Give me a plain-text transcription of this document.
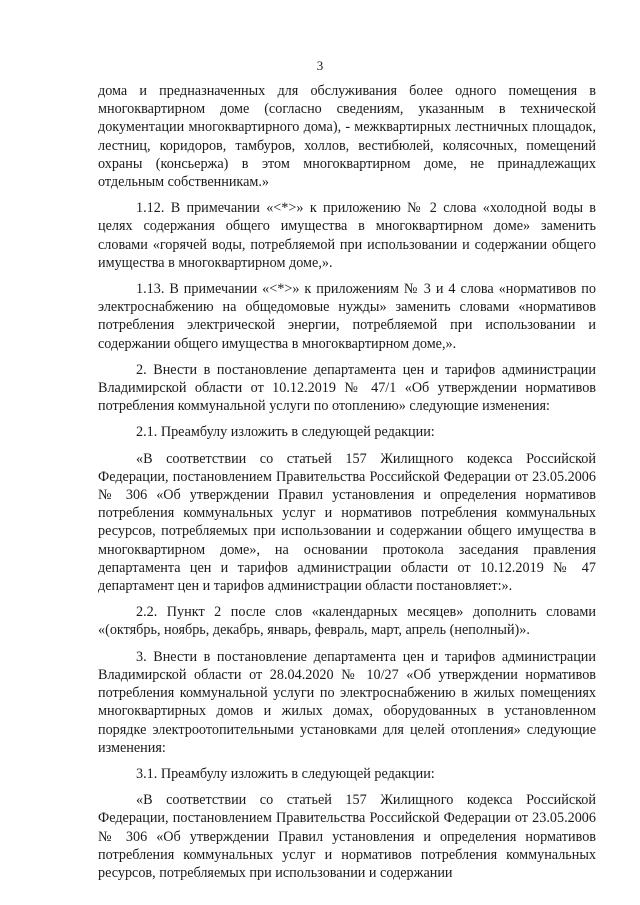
3

дома и предназначенных для обслуживания более одного помещения в многоквартирном доме (согласно сведениям, указанным в технической документации многоквартирного дома), - межквартирных лестничных площадок, лестниц, коридоров, тамбуров, холлов, вестибюлей, колясочных, помещений охраны (консьержа) в этом многоквартирном доме, не принадлежащих отдельным собственникам.»

1.12. В примечании «<*>» к приложению № 2 слова «холодной воды в целях содержания общего имущества в многоквартирном доме» заменить словами «горячей воды, потребляемой при использовании и содержании общего имущества в многоквартирном доме,».

1.13. В примечании «<*>» к приложениям № 3 и 4 слова «нормативов по электроснабжению на общедомовые нужды» заменить словами «нормативов потребления электрической энергии, потребляемой при использовании и содержании общего имущества в многоквартирном доме,».

2. Внести в постановление департамента цен и тарифов администрации Владимирской области от 10.12.2019 № 47/1 «Об утверждении нормативов потребления коммунальной услуги по отоплению» следующие изменения:

2.1. Преамбулу изложить в следующей редакции:

«В соответствии со статьей 157 Жилищного кодекса Российской Федерации, постановлением Правительства Российской Федерации от 23.05.2006 № 306 «Об утверждении Правил установления и определения нормативов потребления коммунальных услуг и нормативов потребления коммунальных ресурсов, потребляемых при использовании и содержании общего имущества в многоквартирном доме», на основании протокола заседания правления департамента цен и тарифов администрации области от 10.12.2019 № 47 департамент цен и тарифов администрации области постановляет:».

2.2. Пункт 2 после слов «календарных месяцев» дополнить словами «(октябрь, ноябрь, декабрь, январь, февраль, март, апрель (неполный)».

3. Внести в постановление департамента цен и тарифов администрации Владимирской области от 28.04.2020 № 10/27 «Об утверждении нормативов потребления коммунальной услуги по электроснабжению в жилых помещениях многоквартирных домов и жилых домах, оборудованных в установленном порядке электроотопительными установками для целей отопления» следующие изменения:

3.1. Преамбулу изложить в следующей редакции:

«В соответствии со статьей 157 Жилищного кодекса Российской Федерации, постановлением Правительства Российской Федерации от 23.05.2006 № 306 «Об утверждении Правил установления и определения нормативов потребления коммунальных услуг и нормативов потребления коммунальных ресурсов, потребляемых при использовании и содержании
